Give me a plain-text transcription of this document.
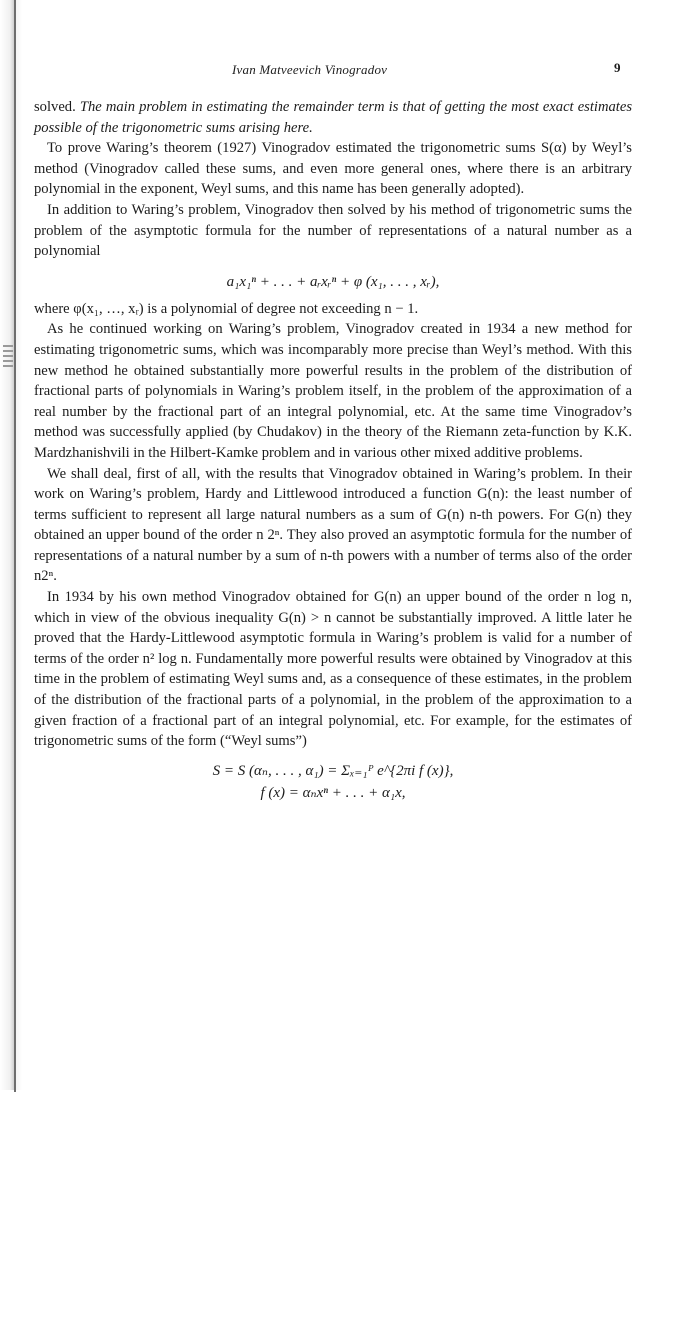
Ivan Matveevich Vinogradov	9

solved. The main problem in estimating the remainder term is that of getting the most exact estimates possible of the trigonometric sums arising here.

To prove Waring’s theorem (1927) Vinogradov estimated the trigonometric sums S(α) by Weyl’s method (Vinogradov called these sums, and even more general ones, where there is an arbitrary polynomial in the exponent, Weyl sums, and this name has been generally adopted).

In addition to Waring’s problem, Vinogradov then solved by his method of trigonometric sums the problem of the asymptotic formula for the number of representations of a natural number as a polynomial

a₁x₁ⁿ + . . . + aᵣxᵣⁿ + φ (x₁, . . . , xᵣ),

where φ(x₁, …, xᵣ) is a polynomial of degree not exceeding n − 1.

As he continued working on Waring’s problem, Vinogradov created in 1934 a new method for estimating trigonometric sums, which was incomparably more precise than Weyl’s method. With this new method he obtained substantially more powerful results in the problem of the distribution of fractional parts of polynomials in Waring’s problem itself, in the problem of the approximation of a real number by the fractional part of an integral polynomial, etc. At the same time Vinogradov’s method was successfully applied (by Chudakov) in the theory of the Riemann zeta-function by K.K. Mardzhanishvili in the Hilbert-Kamke problem and in various other mixed additive problems.

We shall deal, first of all, with the results that Vinogradov obtained in Waring’s problem. In their work on Waring’s problem, Hardy and Littlewood introduced a function G(n): the least number of terms sufficient to represent all large natural numbers as a sum of G(n) n-th powers. For G(n) they obtained an upper bound of the order n 2ⁿ. They also proved an asymptotic formula for the number of representations of a natural number by a sum of n-th powers with a number of terms also of the order n2ⁿ.

In 1934 by his own method Vinogradov obtained for G(n) an upper bound of the order n log n, which in view of the obvious inequality G(n) > n cannot be substantially improved. A little later he proved that the Hardy-Littlewood asymptotic formula in Waring’s problem is valid for a number of terms of the order n² log n. Fundamentally more powerful results were obtained by Vinogradov at this time in the problem of estimating Weyl sums and, as a consequence of these estimates, in the problem of the distribution of the fractional parts of a polynomial, in the problem of the approximation to a given fraction of a fractional part of an integral polynomial, etc. For example, for the estimates of trigonometric sums of the form (“Weyl sums”)

S = S (αₙ, . . . , α₁) = Σₓ₌₁ᴾ e^{2πi f (x)},
f (x) = αₙxⁿ + . . . + α₁x,
